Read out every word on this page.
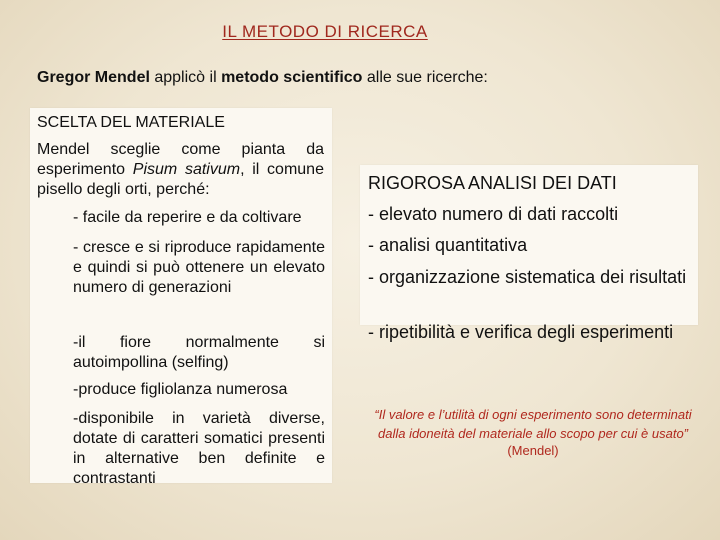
IL METODO DI RICERCA
Gregor Mendel applicò il metodo scientifico alle sue ricerche:
SCELTA DEL MATERIALE
Mendel sceglie come pianta da esperimento Pisum sativum, il comune pisello degli orti, perché:
- facile da reperire e da coltivare
- cresce e si riproduce rapidamente e quindi si può ottenere un elevato numero di generazioni
-il fiore normalmente si autoimpollina (selfing)
-produce figliolanza numerosa
-disponibile in varietà diverse, dotate di caratteri somatici presenti in alternative ben definite e contrastanti
RIGOROSA ANALISI DEI DATI
- elevato numero di dati raccolti
- analisi quantitativa
- organizzazione sistematica dei risultati
- ripetibilità e verifica degli esperimenti
“Il valore e l’utilità di ogni esperimento sono determinati
dalla idoneità del materiale allo scopo per cui è usato” (Mendel)
